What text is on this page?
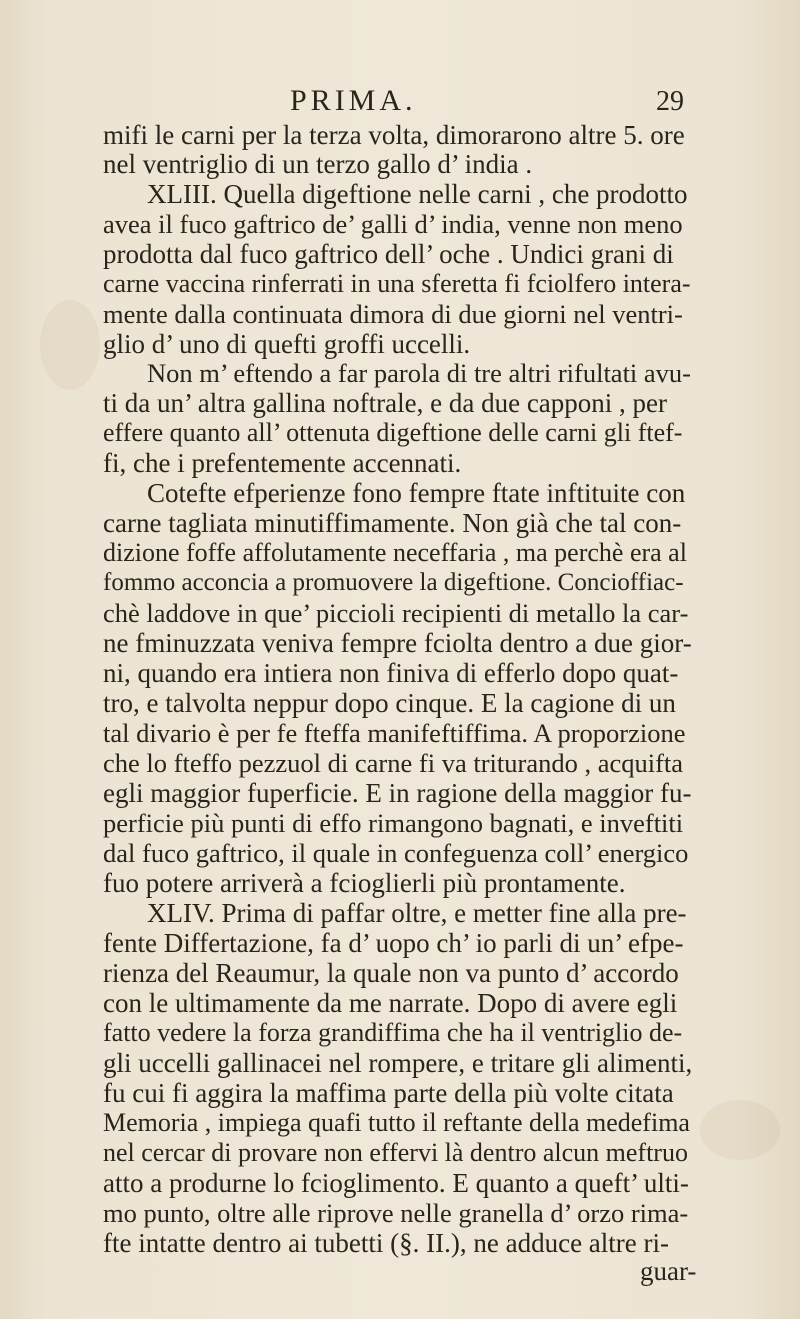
PRIMA.	29
mifi le carni per la terza volta, dimorarono altre 5. ore
nel ventriglio di un terzo gallo d’ india .
XLIII. Quella digeftione nelle carni , che prodotto
avea il fuco gaftrico de’ galli d’ india, venne non meno
prodotta dal fuco gaftrico dell’ oche . Undici grani di
carne vaccina rinferrati in una sferetta fi fciolfero intera-
mente dalla continuata dimora di due giorni nel ventri-
glio d’ uno di quefti groffi uccelli.
Non m’ eftendo a far parola di tre altri rifultati avu-
ti da un’ altra gallina noftrale, e da due capponi , per
effere quanto all’ ottenuta digeftione delle carni gli ftef-
fi, che i prefentemente accennati.
Cotefte efperienze fono fempre ftate inftituite con
carne tagliata minutiffimamente. Non già che tal con-
dizione foffe affolutamente neceffaria , ma perchè era al
fommo acconcia a promuovere la digeftione. Concioffiac-
chè laddove in que’ piccioli recipienti di metallo la car-
ne fminuzzata veniva fempre fciolta dentro a due gior-
ni, quando era intiera non finiva di efferlo dopo quat-
tro, e talvolta neppur dopo cinque. E la cagione di un
tal divario è per fe fteffa manifeftiffima. A proporzione
che lo fteffo pezzuol di carne fi va triturando , acquifta
egli maggior fuperficie. E in ragione della maggior fu-
perficie più punti di effo rimangono bagnati, e inveftiti
dal fuco gaftrico, il quale in confeguenza coll’ energico
fuo potere arriverà a fcioglierli più prontamente.
XLIV. Prima di paffar oltre, e metter fine alla pre-
fente Differtazione, fa d’ uopo ch’ io parli di un’ efpe-
rienza del Reaumur, la quale non va punto d’ accordo
con le ultimamente da me narrate. Dopo di avere egli
fatto vedere la forza grandiffima che ha il ventriglio de-
gli uccelli gallinacei nel rompere, e tritare gli alimenti,
fu cui fi aggira la maffima parte della più volte citata
Memoria , impiega quafi tutto il reftante della medefima
nel cercar di provare non effervi là dentro alcun meftruo
atto a produrne lo fcioglimento. E quanto a queft’ ulti-
mo punto, oltre alle riprove nelle granella d’ orzo rima-
fte intatte dentro ai tubetti (§. II.), ne adduce altre ri-
guar-
